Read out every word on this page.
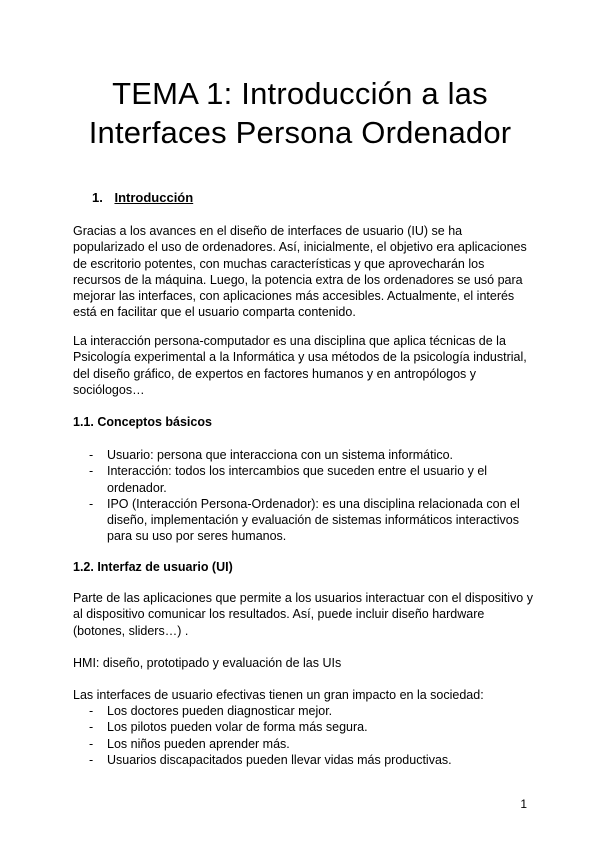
TEMA 1: Introducción a las
Interfaces Persona Ordenador
1. Introducción

Gracias a los avances en el diseño de interfaces de usuario (IU) se ha popularizado el uso de ordenadores. Así, inicialmente, el objetivo era aplicaciones de escritorio potentes, con muchas características y que aprovecharán los recursos de la máquina. Luego, la potencia extra de los ordenadores se usó para mejorar las interfaces, con aplicaciones más accesibles. Actualmente, el interés está en facilitar que el usuario comparta contenido.

La interacción persona-computador es una disciplina que aplica técnicas de la Psicología experimental a la Informática y usa métodos de la psicología industrial, del diseño gráfico, de expertos en factores humanos y en antropólogos y sociólogos…

1.1. Conceptos básicos
- Usuario: persona que interacciona con un sistema informático.
- Interacción: todos los intercambios que suceden entre el usuario y el ordenador.
- IPO (Interacción Persona-Ordenador): es una disciplina relacionada con el diseño, implementación y evaluación de sistemas informáticos interactivos para su uso por seres humanos.
1.2. Interfaz de usuario (UI)

Parte de las aplicaciones que permite a los usuarios interactuar con el dispositivo y al dispositivo comunicar los resultados. Así, puede incluir diseño hardware (botones, sliders…) .

HMI: diseño, prototipado y evaluación de las UIs

Las interfaces de usuario efectivas tienen un gran impacto en la sociedad:

- Los doctores pueden diagnosticar mejor.
- Los pilotos pueden volar de forma más segura.
- Los niños pueden aprender más.
- Usuarios discapacitados pueden llevar vidas más productivas.
1
